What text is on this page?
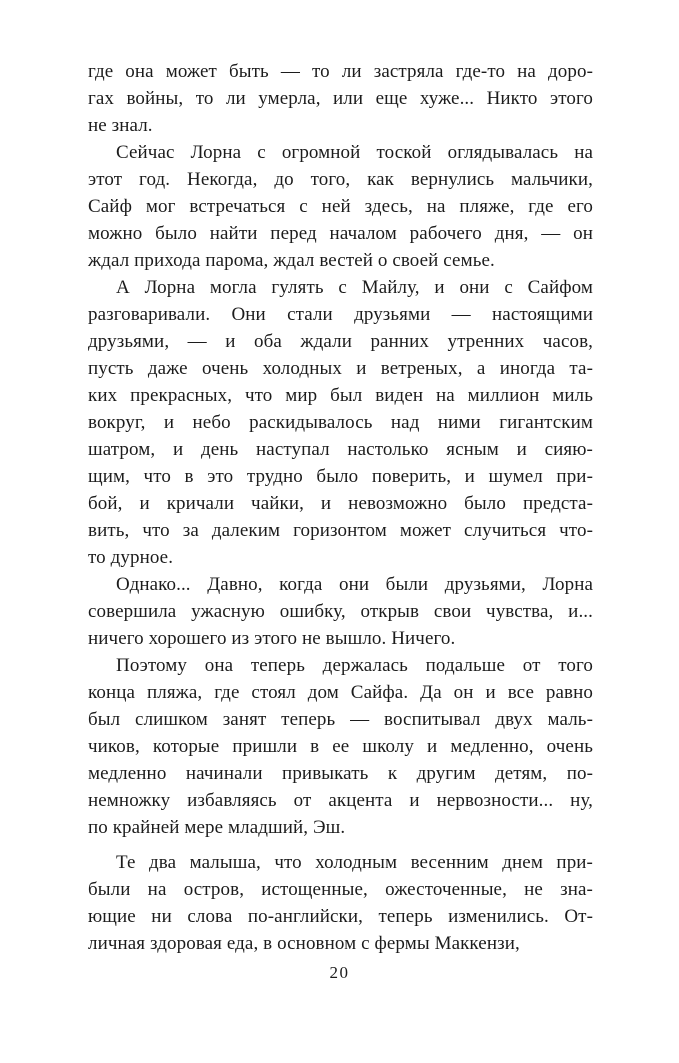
где она может быть — то ли застряла где-то на доро-
гах войны, то ли умерла, или еще хуже... Никто этого
не знал.
Сейчас Лорна с огромной тоской оглядывалась на
этот год. Некогда, до того, как вернулись мальчики,
Сайф мог встречаться с ней здесь, на пляже, где его
можно было найти перед началом рабочего дня, — он
ждал прихода парома, ждал вестей о своей семье.
А Лорна могла гулять с Майлу, и они с Сайфом
разговаривали. Они стали друзьями — настоящими
друзьями, — и оба ждали ранних утренних часов,
пусть даже очень холодных и ветреных, а иногда та-
ких прекрасных, что мир был виден на миллион миль
вокруг, и небо раскидывалось над ними гигантским
шатром, и день наступал настолько ясным и сияю-
щим, что в это трудно было поверить, и шумел при-
бой, и кричали чайки, и невозможно было предста-
вить, что за далеким горизонтом может случиться что-
то дурное.
Однако... Давно, когда они были друзьями, Лорна
совершила ужасную ошибку, открыв свои чувства, и...
ничего хорошего из этого не вышло. Ничего.
Поэтому она теперь держалась подальше от того
конца пляжа, где стоял дом Сайфа. Да он и все равно
был слишком занят теперь — воспитывал двух маль-
чиков, которые пришли в ее школу и медленно, очень
медленно начинали привыкать к другим детям, по-
немножку избавляясь от акцента и нервозности... ну,
по крайней мере младший, Эш.
Те два малыша, что холодным весенним днем при-
были на остров, истощенные, ожесточенные, не зна-
ющие ни слова по-английски, теперь изменились. От-
личная здоровая еда, в основном с фермы Маккензи,
20
